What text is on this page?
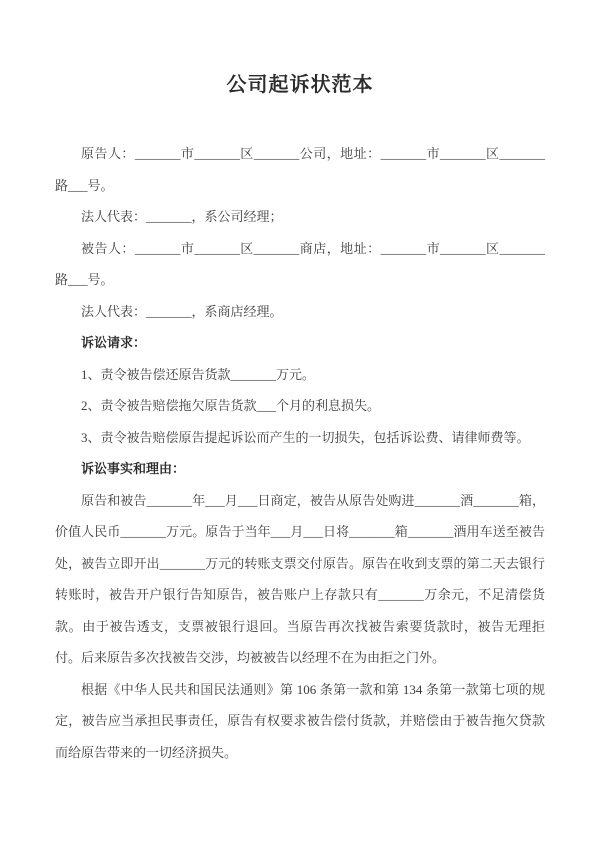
公司起诉状范本

原告人：_______市_______区_______公司，地址：_______市_______区_______路___号。

法人代表：_______，系公司经理；

被告人：_______市_______区_______商店，地址：_______市_______区_______路___号。

法人代表：_______，系商店经理。

诉讼请求：

1、责令被告偿还原告货款_______万元。

2、责令被告赔偿拖欠原告货款___个月的利息损失。

3、责令被告赔偿原告提起诉讼而产生的一切损失，包括诉讼费、请律师费等。

诉讼事实和理由：

原告和被告_______年___月___日商定，被告从原告处购进_______酒_______箱，价值人民币_______万元。原告于当年___月___日将_______箱_______酒用车送至被告处，被告立即开出_______万元的转账支票交付原告。原告在收到支票的第二天去银行转账时，被告开户银行告知原告，被告账户上存款只有_______万余元，不足清偿货款。由于被告透支，支票被银行退回。当原告再次找被告索要货款时，被告无理拒付。后来原告多次找被告交涉，均被被告以经理不在为由拒之门外。

根据《中华人民共和国民法通则》第 106 条第一款和第 134 条第一款第七项的规定，被告应当承担民事责任，原告有权要求被告偿付货款，并赔偿由于被告拖欠贷款而给原告带来的一切经济损失。
